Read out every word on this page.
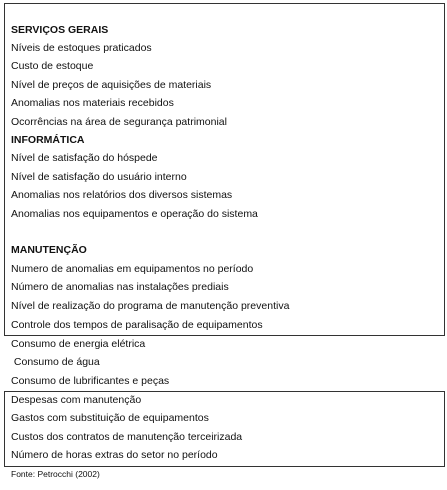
SERVIÇOS GERAIS
Níveis de estoques praticados
Custo de estoque
Nível de preços de aquisições de materiais
Anomalias nos materiais recebidos
Ocorrências na área de segurança patrimonial
INFORMÁTICA
Nível de satisfação do hóspede
Nível de satisfação do usuário interno
Anomalias nos relatórios dos diversos sistemas
Anomalias nos equipamentos e operação do sistema
MANUTENÇÃO
Numero de anomalias em equipamentos no período
Número de anomalias nas instalações prediais
Nível de realização do programa de manutenção preventiva
Controle dos tempos de paralisação de equipamentos
Consumo de energia elétrica
Consumo de água
Consumo de lubrificantes e peças
Despesas com manutenção
Gastos com substituição de equipamentos
Custos dos contratos de manutenção terceirizada
Número de horas extras do setor no período
Fonte: Petrocchi (2002)
